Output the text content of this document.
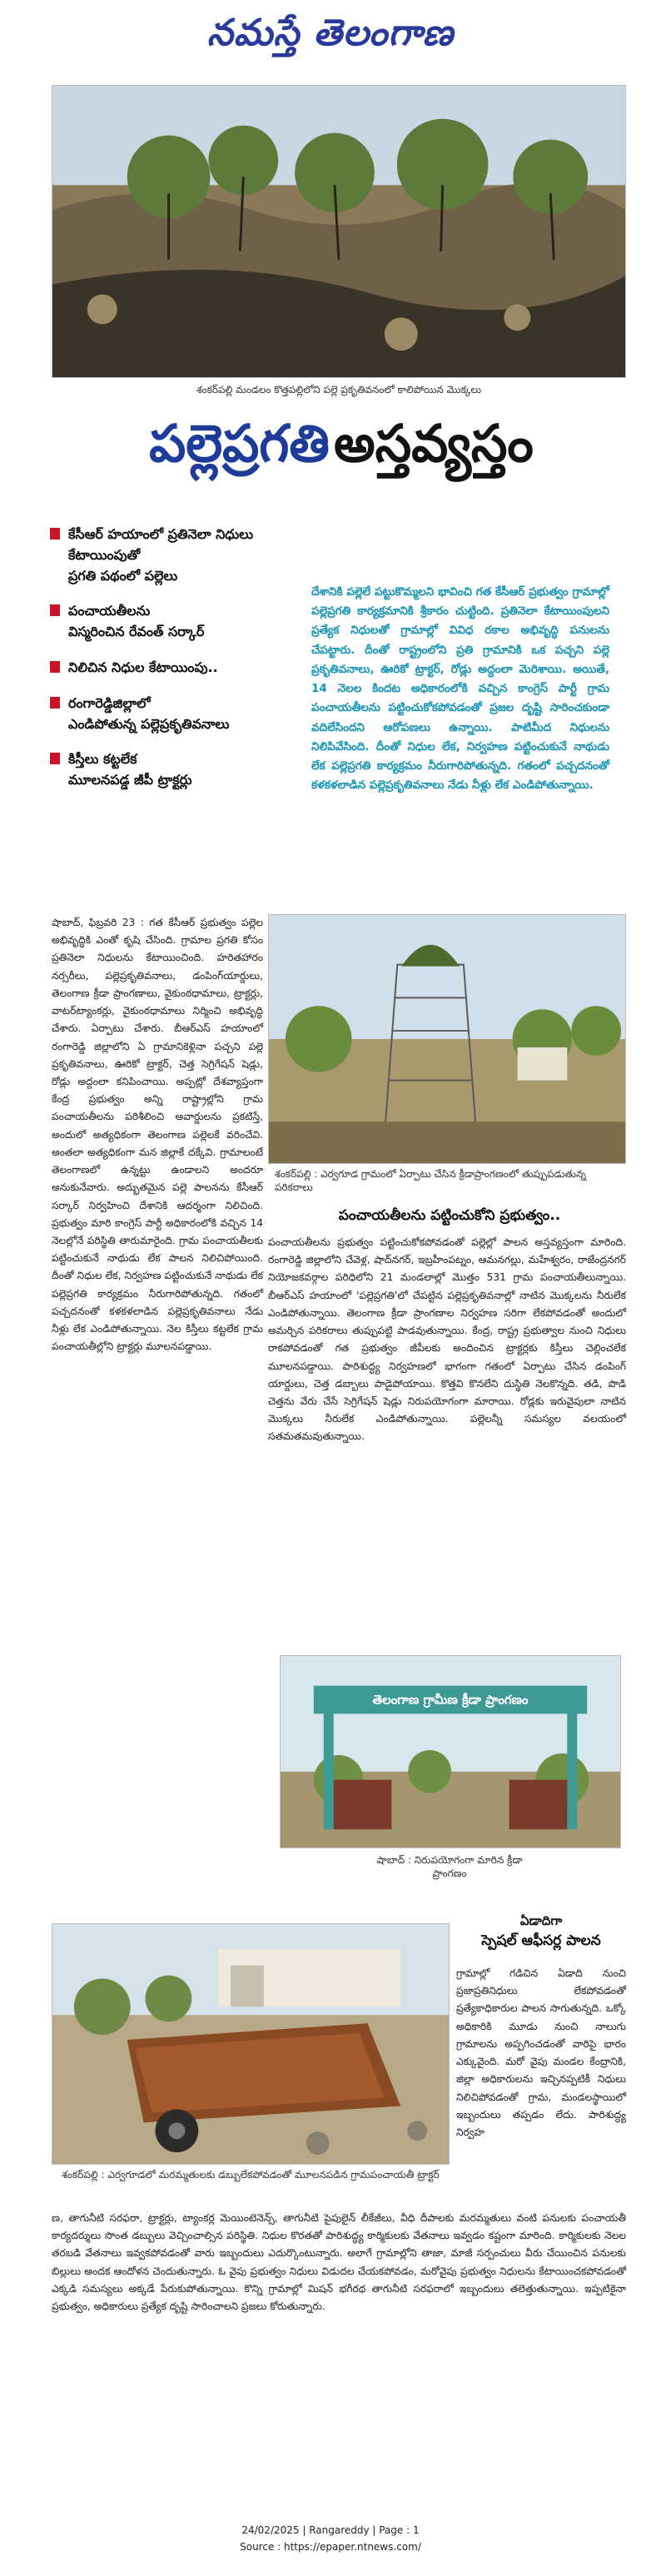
నమస్తే తెలంగాణ
శంకర్‌పల్లి మండలం కొత్తపల్లిలోని పల్లె ప్రకృతివనంలో కాలిపోయిన మొక్కలు
పల్లెప్రగతి అస్తవ్యస్తం
కేసీఆర్ హయాంలో ప్రతినెలా నిధులు కేటాయింపుతో
ప్రగతి పథంలో పల్లెలు
పంచాయతీలను
విస్మరించిన రేవంత్ సర్కార్
నిలిచిన నిధుల కేటాయింపు..
రంగారెడ్డిజిల్లాలో
ఎండిపోతున్న పల్లెప్రకృతివనాలు
కిస్తీలు కట్టలేక
మూలనపడ్డ జీపీ ట్రాక్టర్లు

దేశానికి పల్లెలే పట్టుకొమ్మలని భావించి గత కేసీఆర్ ప్రభుత్వం గ్రామాల్లో పల్లెప్రగతి కార్యక్రమానికి శ్రీకారం చుట్టింది. ప్రతినెలా కేటాయింపులని ప్రత్యేక నిధులతో గ్రామాల్లో వివిధ రకాల అభివృద్ధి పనులను చేపట్టారు. దీంతో రాష్ట్రంలోని ప్రతి గ్రామానికి ఒక పచ్చని పల్లె ప్రకృతివనాలు, ఊరికో ట్రాక్టర్, రోడ్లు అద్దంలా మెరిశాయి. అయితే, 14 నెలల కిందట అధికారంలోకి వచ్చిన కాంగ్రెస్ పార్టీ గ్రామ పంచాయతీలను పట్టించుకోకపోవడంతో ప్రజల దృష్టి సారించకుండా వదిలేసిందని ఆరోపణలు ఉన్నాయి. పాటిమీద నిధులను నిలిపివేసింది. దీంతో నిధుల లేక, నిర్వహణ పట్టించుకునే నాథుడు లేక పల్లెప్రగతి కార్యక్రమం నీరుగారిపోతున్నది. గతంలో పచ్చదనంతో కళకళలాడిన పల్లెప్రకృతివనాలు నేడు నీళ్లు లేక ఎండిపోతున్నాయి.

షాబాద్, ఫిబ్రవరి 23 : గత కేసీఆర్ ప్రభుత్వం పల్లెల అభివృద్ధికి ఎంతో కృషి చేసింది. గ్రామాల ప్రగతి కోసం ప్రతినెలా నిధులను కేటాయించింది. హరితహారం నర్సరీలు, పల్లెప్రకృతివనాలు, డంపింగ్‌యార్డులు, తెలంగాణ క్రీడా ప్రాంగణాలు, వైకుంఠధామాలు, ట్రాక్టర్లు, వాటర్‌ట్యాంకర్లు, వైకుంఠధామాలు నిర్మించి అభివృద్ధి చేశారు. ఏర్పాటు చేశారు. బీఆర్‌ఎస్ హయాంలో రంగారెడ్డి జిల్లాలోని ఏ గ్రామానికెళ్లినా పచ్చని పల్లె ప్రకృతివనాలు, ఊరికో ట్రాక్టర్, చెత్త సెగ్రిగేషన్ షెడ్లు, రోడ్లు అద్దంలా కనిపించాయి. అప్పట్లో దేశవ్యాప్తంగా కేంద్ర ప్రభుత్వం అన్ని రాష్ట్రాల్లోని గ్రామ పంచాయతీలను పరిశీలించి అవార్డులను ప్రకటిస్తే, అందులో అత్యధికంగా తెలంగాణ పల్లెలకే వరించేవి. అంతలా అత్యధికంగా మన జిల్లాకే దక్కేవి. గ్రామాలంటే తెలంగాణలో ఉన్నట్టు ఉండాలని అందరూ అనుకునేవారు. అద్భుతమైన పల్లె పాలనను కేసీఆర్ సర్కార్ నిర్వహించి దేశానికి ఆదర్శంగా నిలిచింది. ప్రభుత్వం మారి కాంగ్రెస్ పార్టీ అధికారంలోకి వచ్చిన 14 నెలల్లోనే పరిస్థితి తారుమారైంది. గ్రామ పంచాయతీలకు పట్టించుకునే నాథుడు లేక పాలన నిలిచిపోయింది. దీంతో నిధుల లేక, నిర్వహణ పట్టించుకునే నాథుడు లేక పల్లెప్రగతి కార్యక్రమం నీరుగారిపోతున్నది. గతంలో పచ్చదనంతో కళకళలాడిన పల్లెప్రకృతివనాలు నేడు నీళ్లు లేక ఎండిపోతున్నాయి. నెల కిస్తీలు కట్టలేక గ్రామ పంచాయతీల్లోని ట్రాక్టర్లు మూలనపడ్డాయి.
శంకర్‌పల్లి : ఎర్వగూడ గ్రామంలో ఏర్పాటు చేసిన క్రీడాప్రాంగణంలో తుప్పుపడుతున్న పరికరాలు
పంచాయతీలను పట్టించుకోని ప్రభుత్వం..
పంచాయతీలను ప్రభుత్వం పట్టించుకోకపోవడంతో పల్లెల్లో పాలన అస్తవ్యస్తంగా మారింది. రంగారెడ్డి జిల్లాలోని చేవెళ్ల, షాద్‌నగర్, ఇబ్రహీంపట్నం, ఆమనగల్లు, మహేశ్వరం, రాజేంద్రనగర్ నియోజకవర్గాల పరిధిలోని 21 మండలాల్లో మొత్తం 531 గ్రామ పంచాయతీలున్నాయి. బీఆర్‌ఎస్ హయాంలో 'పల్లెప్రగతి'లో చేపట్టిన పల్లెప్రకృతివనాల్లో నాటిన మొక్కలను నీరులేక ఎండిపోతున్నాయి. తెలంగాణ క్రీడా ప్రాంగణాల నిర్వహణ సరిగా లేకపోవడంతో అందులో అమర్చిన పరికరాలు తుప్పుపట్టి పాడవుతున్నాయి. కేంద్ర, రాష్ట్ర ప్రభుత్వాల నుంచి నిధులు రాకపోవడంతో గత ప్రభుత్వం జీపీలకు అందించిన ట్రాక్టర్లకు కిస్తీలు చెల్లించలేక మూలనపడ్డాయి. పారిశుద్ధ్య నిర్వహణలో భాగంగా గతంలో ఏర్పాటు చేసిన డంపింగ్ యార్డులు, చెత్త డబ్బాలు పాడైపోయాయి. కొత్తవి కొనలేని దుస్థితి నెలకొన్నది. తడి, పొడి చెత్తను వేరు చేసే సెగ్రిగేషన్ షెడ్లు నిరుపయోగంగా మారాయి. రోడ్లకు ఇరువైపులా నాటిన మొక్కలు నీరులేక ఎండిపోతున్నాయి. పల్లెలన్నీ సమస్యల వలయంలో సతమతమవుతున్నాయి.
తెలంగాణ గ్రామీణ క్రీడా ప్రాంగణం
షాబాద్ : నిరుపయోగంగా మారిన క్రీడా ప్రాంగణం
శంకర్‌పల్లి : ఎర్వగూడలో మరమ్మతులకు డబ్బులేకపోవడంతో మూలనపడిన గ్రామపంచాయతీ ట్రాక్టర్
ఏడాదిగా
స్పెషల్ ఆఫీసర్ల పాలన
గ్రామాల్లో గడిచిన ఏడాది నుంచి ప్రజాప్రతినిధులు లేకపోవడంతో ప్రత్యేకాధికారుల పాలన సాగుతున్నది. ఒక్కో అధికారికి మూడు నుంచి నాలుగు గ్రామాలను అప్పగించడంతో వారిపై భారం ఎక్కువైంది. మరో వైపు మండల కేంద్రానికి, జిల్లా అధికారులను ఇచ్చినప్పటికీ నిధులు నిలిచిపోవడంతో గ్రామ, మండలస్థాయిలో ఇబ్బందులు తప్పడం లేదు. పారిశుద్ధ్య నిర్వహ
ణ, తాగునీటి సరఫరా, ట్రాక్టర్లు, ట్యాంకర్ల మెయింటెనెన్స్, తాగునీటి పైపులైన్ లీకేజీలు, వీధి దీపాలకు మరమ్మతులు వంటి పనులకు పంచాయతీ కార్యదర్శులు సొంత డబ్బులు వెచ్చించాల్సిన పరిస్థితి. నిధుల కొరతతో పారిశుద్ధ్య కార్మికులకు వేతనాలు ఇవ్వడం కష్టంగా మారింది. కార్మికులకు నెలల తరబడి వేతనాలు ఇవ్వకపోవడంతో వారు ఇబ్బందులు ఎదుర్కొంటున్నారు. అలాగే గ్రామాల్లోని తాజా, మాజీ సర్పంచులు వీరు చేయించిన పనులకు బిల్లులు అందక ఆందోళన చెందుతున్నారు. ఓ వైపు ప్రభుత్వం నిధులు విడుదల చేయకపోవడం, మరోవైపు ప్రభుత్వం నిధులను కేటాయించకపోవడంతో ఎక్కడి సమస్యలు అక్కడే పేరుకుపోతున్నాయి. కొన్ని గ్రామాల్లో మిషన్ భగీరథ తాగునీటి సరఫరాలో ఇబ్బందులు తలెత్తుతున్నాయి. ఇప్పటికైనా ప్రభుత్వం, అధికారులు ప్రత్యేక దృష్టి సారించాలని ప్రజలు కోరుతున్నారు.
24/02/2025 | Rangareddy | Page : 1
Source : https://epaper.ntnews.com/
